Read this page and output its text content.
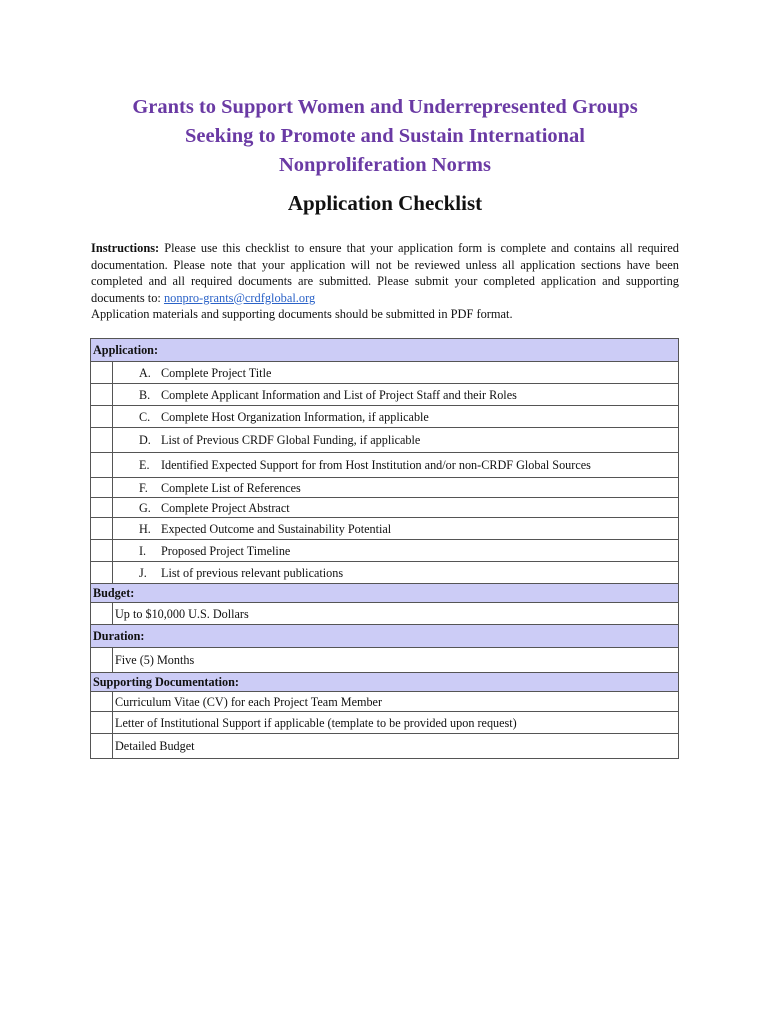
Grants to Support Women and Underrepresented Groups
Seeking to Promote and Sustain International
Nonproliferation Norms
Application Checklist
Instructions: Please use this checklist to ensure that your application form is complete and contains all required documentation. Please note that your application will not be reviewed unless all application sections have been completed and all required documents are submitted. Please submit your completed application and supporting documents to: nonpro-grants@crdfglobal.org
Application materials and supporting documents should be submitted in PDF format.
Application:	
	A. Complete Project Title
	B. Complete Applicant Information and List of Project Staff and their Roles
	C. Complete Host Organization Information, if applicable
	D. List of Previous CRDF Global Funding, if applicable
	E. Identified Expected Support for from Host Institution and/or non-CRDF Global Sources
	F. Complete List of References
	G. Complete Project Abstract
	H. Expected Outcome and Sustainability Potential
	I. Proposed Project Timeline
	J. List of previous relevant publications
Budget:	
	Up to $10,000 U.S. Dollars
Duration:	
	Five (5) Months
Supporting Documentation:	
	Curriculum Vitae (CV) for each Project Team Member
	Letter of Institutional Support if applicable (template to be provided upon request)
	Detailed Budget
